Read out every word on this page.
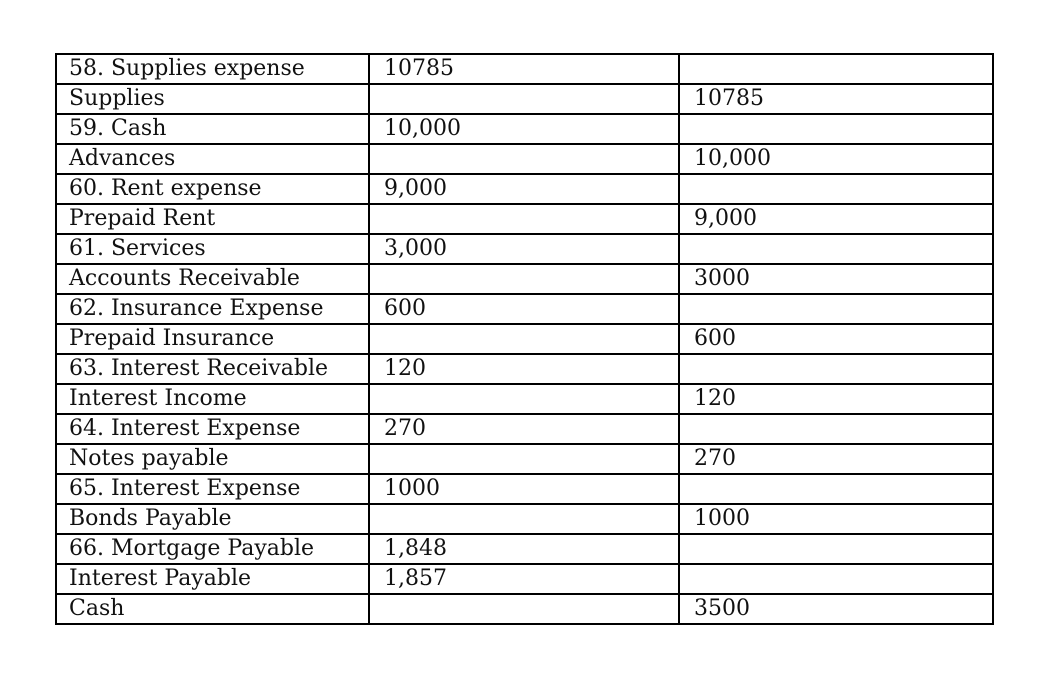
58. Supplies expense	10785	
Supplies		10785
59. Cash	10,000	
Advances		10,000
60. Rent expense	9,000	
Prepaid Rent		9,000
61. Services	3,000	
Accounts Receivable		3000
62. Insurance Expense	600	
Prepaid Insurance		600
63. Interest Receivable	120	
Interest Income		120
64. Interest Expense	270	
Notes payable		270
65. Interest Expense	1000	
Bonds Payable		1000
66. Mortgage Payable	1,848	
Interest Payable	1,857	
Cash		3500
